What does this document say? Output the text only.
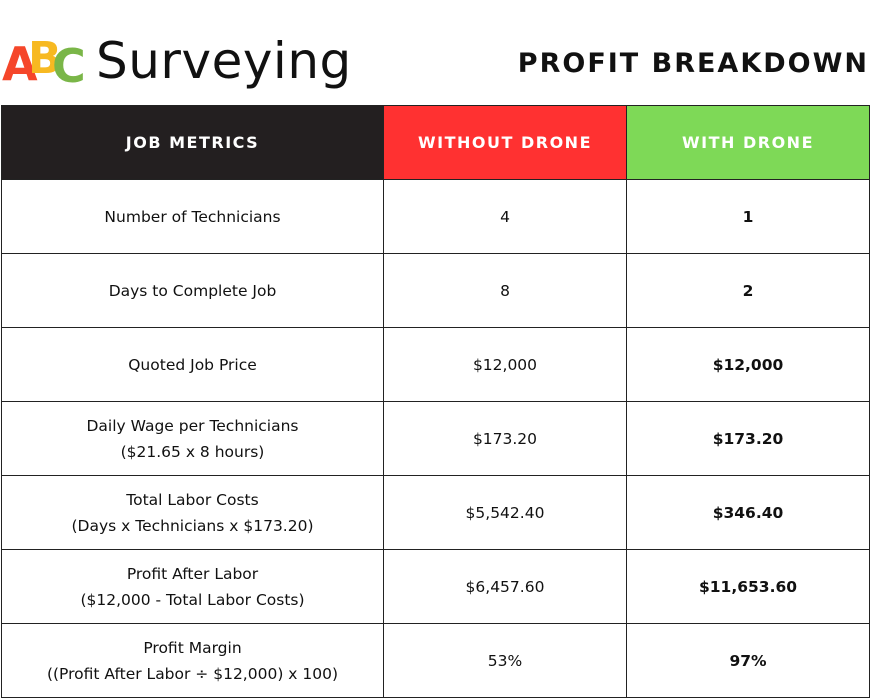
A
B
C Surveying	PROFIT BREAKDOWN
JOB METRICS	WITHOUT DRONE	WITH DRONE

Number of Technicians	4	1

Days to Complete Job	8	2

Quoted Job Price	$12,000	$12,000

Daily Wage per Technicians
($21.65 x 8 hours)	$173.20	$173.20

Total Labor Costs
(Days x Technicians x $173.20)	$5,542.40	$346.40

Profit After Labor
($12,000 - Total Labor Costs)	$6,457.60	$11,653.60

Profit Margin
((Profit After Labor ÷ $12,000) x 100)	53%	97%
